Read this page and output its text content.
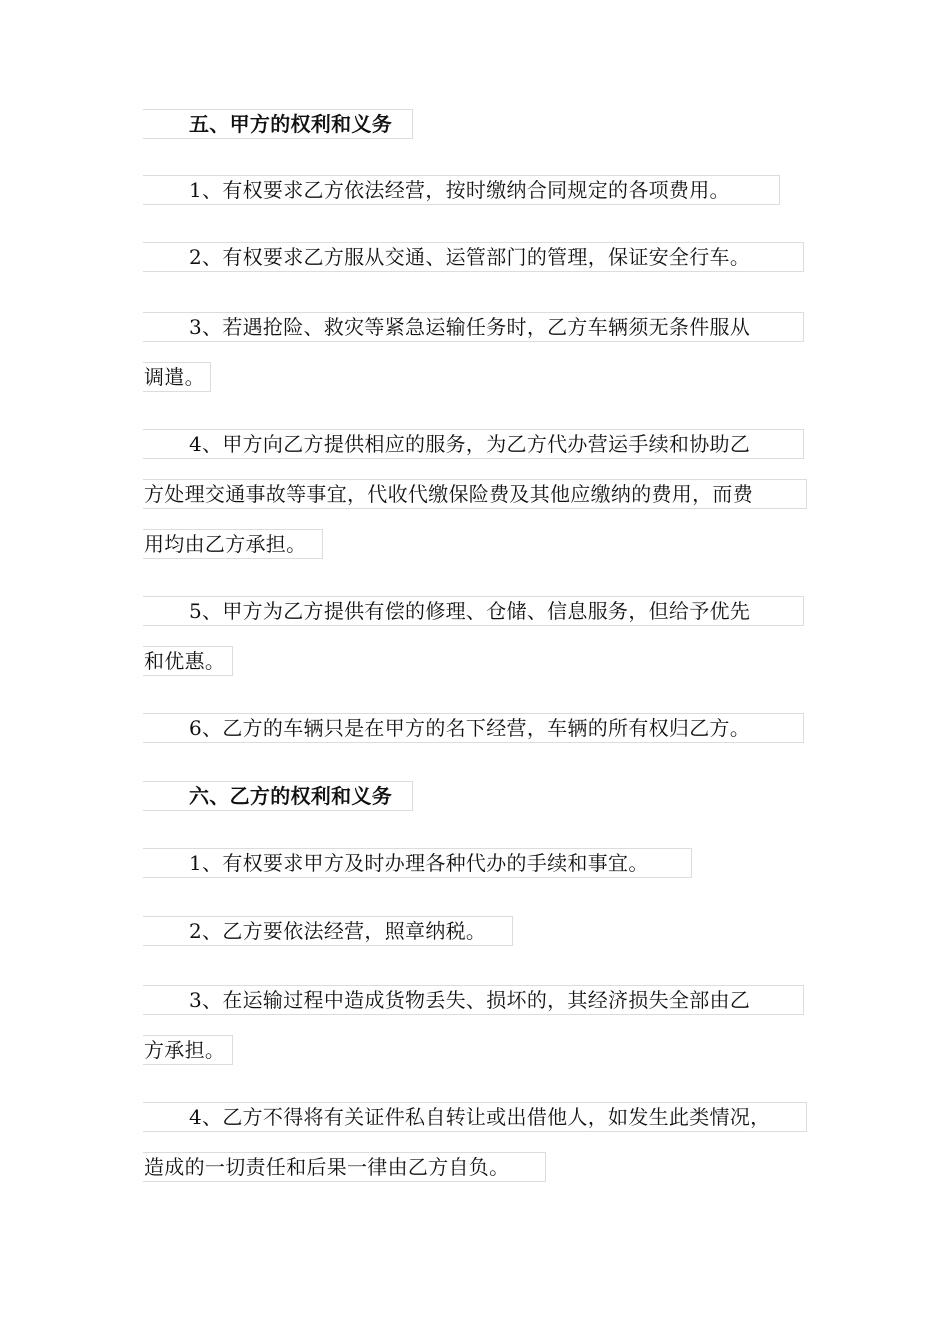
五、甲方的权利和义务
1、有权要求乙方依法经营，按时缴纳合同规定的各项费用。
2、有权要求乙方服从交通、运管部门的管理，保证安全行车。
3、若遇抢险、救灾等紧急运输任务时，乙方车辆须无条件服从
调遣。
4、甲方向乙方提供相应的服务，为乙方代办营运手续和协助乙
方处理交通事故等事宜，代收代缴保险费及其他应缴纳的费用，而费
用均由乙方承担。
5、甲方为乙方提供有偿的修理、仓储、信息服务，但给予优先
和优惠。
6、乙方的车辆只是在甲方的名下经营，车辆的所有权归乙方。
六、乙方的权利和义务
1、有权要求甲方及时办理各种代办的手续和事宜。
2、乙方要依法经营，照章纳税。
3、在运输过程中造成货物丢失、损坏的，其经济损失全部由乙
方承担。
4、乙方不得将有关证件私自转让或出借他人，如发生此类情况，
造成的一切责任和后果一律由乙方自负。
